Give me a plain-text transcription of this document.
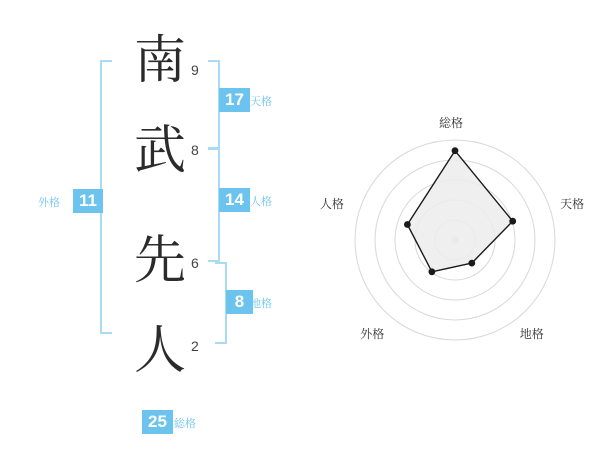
南
武
先
人
9
8
6
2
17 天格
14 人格
8 地格
11
外格
25 総格
総格
天格
地格
外格
人格
